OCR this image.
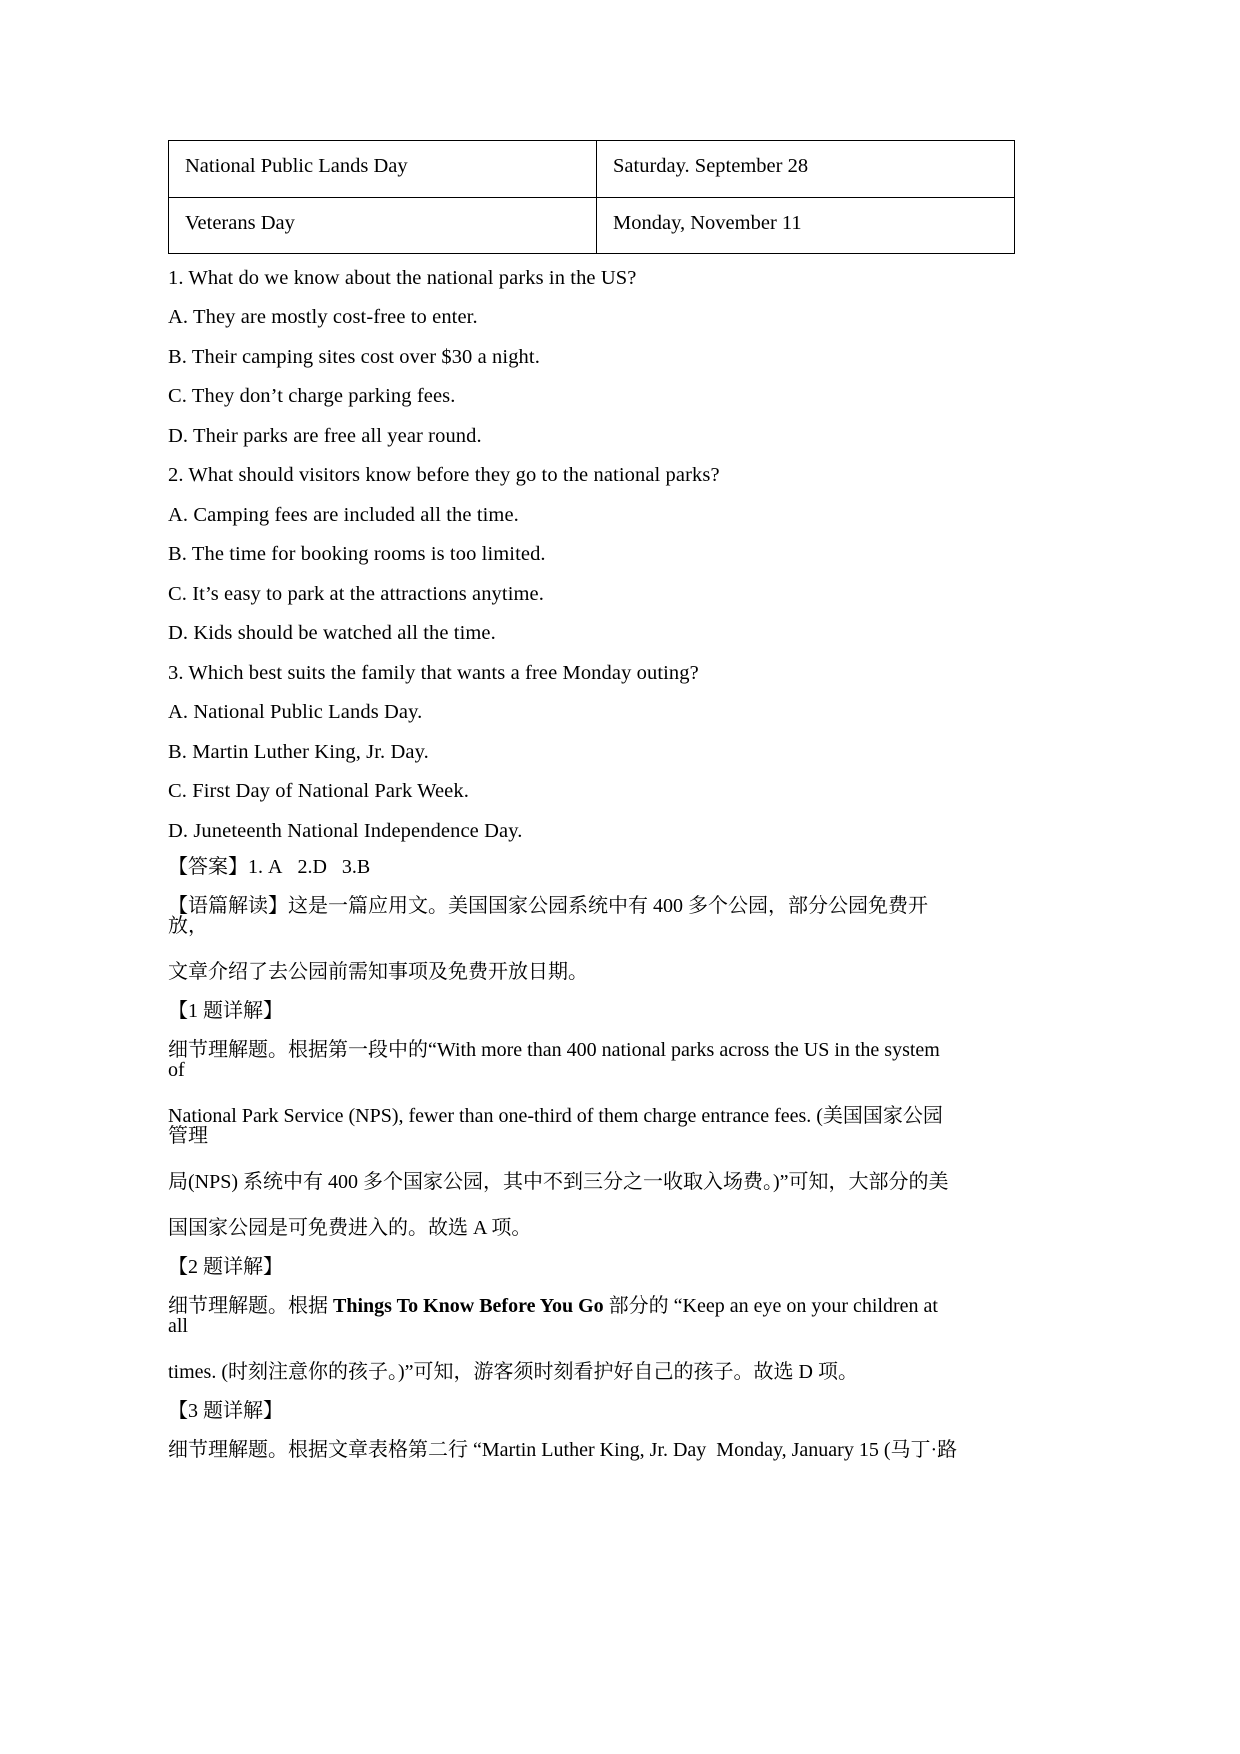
National Public Lands Day	Saturday. September 28
Veterans Day	Monday, November 11

1. What do we know about the national parks in the US?

A. They are mostly cost-free to enter.

B. Their camping sites cost over $30 a night.

C. They don’t charge parking fees.

D. Their parks are free all year round.

2. What should visitors know before they go to the national parks?

A. Camping fees are included all the time.

B. The time for booking rooms is too limited.

C. It’s easy to park at the attractions anytime.

D. Kids should be watched all the time.

3. Which best suits the family that wants a free Monday outing?

A. National Public Lands Day.

B. Martin Luther King, Jr. Day.

C. First Day of National Park Week.

D. Juneteenth National Independence Day.

【答案】1. A   2.D   3.B

【语篇解读】这是一篇应用文。美国国家公园系统中有 400 多个公园，部分公园免费开放，

文章介绍了去公园前需知事项及免费开放日期。

【1 题详解】

细节理解题。根据第一段中的“With more than 400 national parks across the US in the system of

National Park Service (NPS), fewer than one-third of them charge entrance fees. (美国国家公园管理

局(NPS) 系统中有 400 多个国家公园，其中不到三分之一收取入场费。)”可知，大部分的美

国国家公园是可免费进入的。故选 A 项。

【2 题详解】

细节理解题。根据 Things To Know Before You Go 部分的 “Keep an eye on your children at all

times. (时刻注意你的孩子。)”可知，游客须时刻看护好自己的孩子。故选 D 项。

【3 题详解】

细节理解题。根据文章表格第二行 “Martin Luther King, Jr. Day  Monday, January 15 (马丁·路
